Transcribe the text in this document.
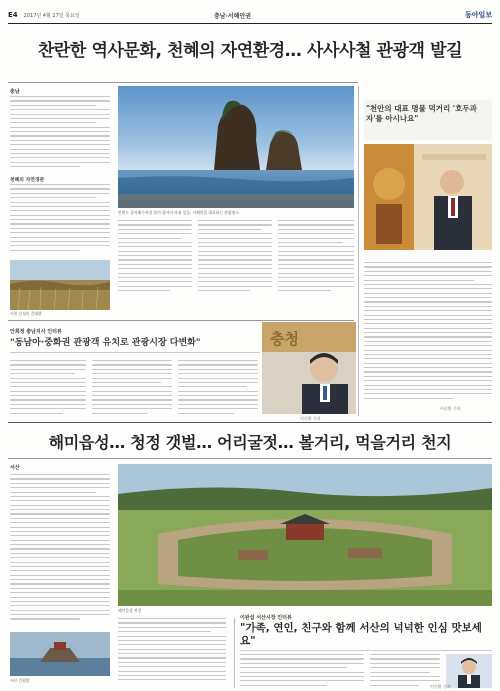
E4 2017년 4월 27일 목요일	충남·서해안권	동아일보
찬란한 역사문화, 천혜의 자연환경… 사사사철 관광객 발길
충남
천혜의 자연경관
서천 신성리 갈대밭
안면도 꽃지해수욕장 할미·할아비 바위 일몰. 서해안을 대표하는 관광명소
"천안의 대표 명물 먹거리 '호두과자'를 아시나요"
이중환 기자
안희정 충남지사 인터뷰
"동남아·중화권 관광객 유치로 관광시장 다변화"	충청
이중환 기자
해미읍성… 청정 갯벌… 어리굴젓… 볼거리, 먹을거리 천지
서산
서산 간월암
해미읍성 전경
이완섭 서산시장 인터뷰
"가족, 연인, 친구와 함께 서산의 넉넉한 인심 맛보세요"
이중환 기자
